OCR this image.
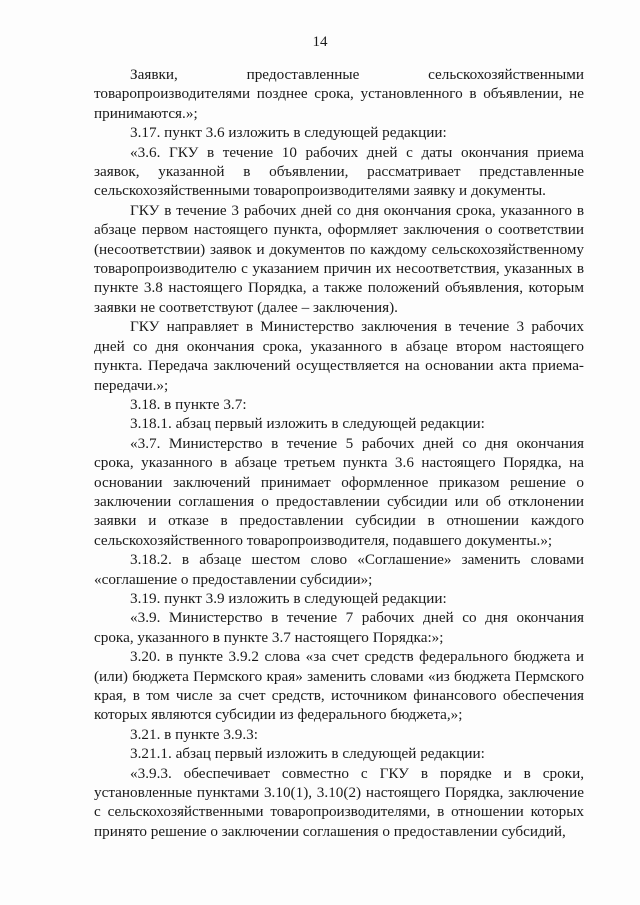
14

Заявки, предоставленные сельскохозяйственными товаропроизводителями позднее срока, установленного в объявлении, не принимаются.»;

3.17. пункт 3.6 изложить в следующей редакции:

«3.6. ГКУ в течение 10 рабочих дней с даты окончания приема заявок, указанной в объявлении, рассматривает представленные сельскохозяйственными товаропроизводителями заявку и документы.

ГКУ в течение 3 рабочих дней со дня окончания срока, указанного в абзаце первом настоящего пункта, оформляет заключения о соответствии (несоответствии) заявок и документов по каждому сельскохозяйственному товаропроизводителю с указанием причин их несоответствия, указанных в пункте 3.8 настоящего Порядка, а также положений объявления, которым заявки не соответствуют (далее – заключения).

ГКУ направляет в Министерство заключения в течение 3 рабочих дней со дня окончания срока, указанного в абзаце втором настоящего пункта. Передача заключений осуществляется на основании акта приема-передачи.»;

3.18. в пункте 3.7:

3.18.1. абзац первый изложить в следующей редакции:

«3.7. Министерство в течение 5 рабочих дней со дня окончания срока, указанного в абзаце третьем пункта 3.6 настоящего Порядка, на основании заключений принимает оформленное приказом решение о заключении соглашения о предоставлении субсидии или об отклонении заявки и отказе в предоставлении субсидии в отношении каждого сельскохозяйственного товаропроизводителя, подавшего документы.»;

3.18.2. в абзаце шестом слово «Соглашение» заменить словами «соглашение о предоставлении субсидии»;

3.19. пункт 3.9 изложить в следующей редакции:

«3.9. Министерство в течение 7 рабочих дней со дня окончания срока, указанного в пункте 3.7 настоящего Порядка:»;

3.20. в пункте 3.9.2 слова «за счет средств федерального бюджета и (или) бюджета Пермского края» заменить словами «из бюджета Пермского края, в том числе за счет средств, источником финансового обеспечения которых являются субсидии из федерального бюджета,»;

3.21. в пункте 3.9.3:

3.21.1. абзац первый изложить в следующей редакции:

«3.9.3. обеспечивает совместно с ГКУ в порядке и в сроки, установленные пунктами 3.10(1), 3.10(2) настоящего Порядка, заключение с сельскохозяйственными товаропроизводителями, в отношении которых принято решение о заключении соглашения о предоставлении субсидий,
